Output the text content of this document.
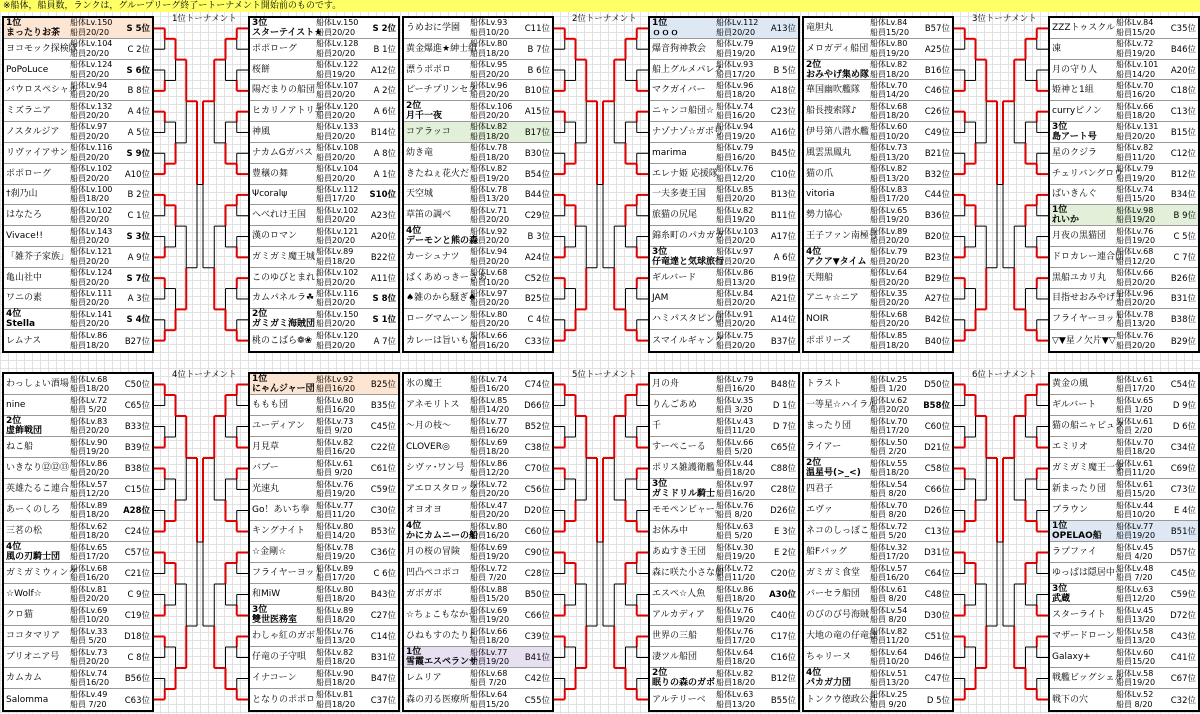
※船体，船員数，ランクは，グループリーグ終了ートーナメント開始前のものです。
1位トーナメント
1位
まったりお茶
船体Lv.150
船員20/20	S 5位
ヨコモック探検隊
船体Lv.104
船員20/20	C 2位
PoPoLuce	船体Lv.124
船員20/20	S 6位
バウロスペシャル
船体Lv.94
船員20/20	B 8位
ミズラニア	船体Lv.132
船員20/20	A 4位
ノスタルジア	船体Lv.97
船員20/20	A 5位
リヴァイアサン 船体Lv.116
船員20/20	S 9位
ポポローグ	船体Lv.102
船員20/20	A10位
†刹乃山	船体Lv.100
船員18/20	B 2位
はなたろ	船体Lv.102
船員20/20	C 1位
Vivace!!	船体Lv.143
船員20/20	S 3位
「雑芥子家族」 船体Lv.121
船員20/20	A 9位
亀山社中	船体Lv.124
船員20/20	S 7位
ワニの素	船体Lv.111
船員20/20	A 3位
4位
Stella
船体Lv.141
船員20/20	S 4位
レムナス	船体Lv.86
船員18/20	B27位
3位
スターテイスト★
船体Lv.150
船員20/20	S 2位
ポポローグ	船体Lv.128
船員20/20	B 1位
桜餅	船体Lv.122
船員19/20	A12位
陽だまりの船団 船体Lv.107
船員20/20	A 2位
ヒカリノアトリエ
船体Lv.120
船員20/20	A 6位
神風	船体Lv.133
船員20/20	B14位
ナカムGガバス 船体Lv.108
船員20/20	A 8位
豊穣の舞	船体Lv.104
船員20/20	A 1位
Ψcoralψ	船体Lv.112
船員17/20	S10位
へべれけ王国	船体Lv.102
船員20/20	A23位
漢のロマン	船体Lv.121
船員20/20	A20位
ガミガミ魔王城 船体Lv.89
船員18/20	B22位
このゆびとまれ！
船体Lv.102
船員20/20	A11位
カムパネルラ☘ 船体Lv.116
船員20/20	S 8位
2位
ガミガミ海賊団
船体Lv.150
船員20/20	S 1位
桃のこばら❁❀ 船体Lv.120
船員20/20	A 7位
2位トーナメント
うめおに学園	船体Lv.93
船員10/20	C11位
黄金爆進★紳士組
船体Lv.80
船員18/20	B 7位
漂うポポロ	船体Lv.95
船員20/20	B 6位
ピーチプリンセス
船体Lv.96
船員20/20	B10位
2位
月千一夜
船体Lv.106
船員20/20	A15位
コアラッコ	船体Lv.82
船員18/20	B17位
幼き竜	船体Lv.78
船員18/20	B30位
きたねぇ花火だ 船体Lv.82
船員19/20	B54位
天空城	船体Lv.78
船員13/20	B44位
草笛の調べ	船体Lv.71
船員20/20	C29位
4位
デーモンと熊の森
船体Lv.92
船員20/20	B 3位
カーシュナツ	船体Lv.94
船員20/20	A24位
ぱくあめっきーさあ
船体Lv.68
船員10/20	C52位
♠雑のから騒ぎ♠
船体Lv.97
船員20/20	B25位
ローグマムーン 船体Lv.80
船員20/20	C 4位
カレーは旨いもの
船体Lv.66
船員16/20	C33位
1位
ｏｏｏ
船体Lv.112
船員20/20	A13位
爆音狗神教会	船体Lv.79
船員19/20	A19位
船上グルメパレス
船体Lv.93
船員17/20	B 5位
マクガイバー	船体Lv.96
船員18/20	A18位
ニャンコ船団☆ 船体Lv.74
船員16/20	C23位
ナゾナゾ☆ガボ号
船体Lv.94
船員19/20	A16位
marima	船体Lv.79
船員16/20	B45位
エレナ姫 応援隊
船体Lv.76
船員12/20	C10位
一夫多妻王国	船体Lv.85
船員20/20	B13位
旅猫の尻尾	船体Lv.82
船員19/20	B11位
錦糸町のパカガガ
船体Lv.103
船員20/20	A17位
3位
仔竜達と気球旅行
船体Lv.97
船員20/20	A 6位
ギルバード	船体Lv.86
船員13/20	B19位
JAM	船体Lv.84
船員20/20	A21位
ハミパスタピン団
船体Lv.91
船員20/20	A14位
スマイルギャング
船体Lv.75
船員20/20	B37位
3位トーナメント
竜胆丸	船体Lv.84
船員15/20	B57位
メロガディ船団 船体Lv.80
船員19/20	A25位
2位
おみやげ集め隊
船体Lv.82
船員18/20	B16位
華国幽吹艦隊	船体Lv.70
船員14/20	C46位
船長捜索隊♪	船体Lv.68
船員18/20	C26位
伊号第八潜水艦 船体Lv.60
船員10/20	C49位
風雲黒鳳丸	船体Lv.73
船員13/20	B21位
猫の爪	船体Lv.82
船員13/20	B32位
vitoria	船体Lv.83
船員17/20	C44位
勢力協心	船体Lv.65
船員19/20	B36位
王子ファン南極号
船体Lv.89
船員20/20	B20位
4位
アクア▼タイム
船体Lv.79
船員20/20	B23位
天翔船	船体Lv.64
船員20/20	B29位
アニャ☆ニア	船体Lv.35
船員20/20	A27位
NOIR	船体Lv.68
船員20/20	B42位
ポポリーズ	船体Lv.85
船員18/20	B40位
ZZZトゥスクル 船体Lv.84
船員15/20	C35位
凍	船体Lv.72
船員19/20	B46位
月の守り人	船体Lv.101
船員14/20	A20位
姫神と1組	船体Lv.70
船員16/20	C18位
curryピノン	船体Lv.66
船員18/20	C13位
3位
島アート号
船体Lv.131
船員20/20	B15位
星のクジラ	船体Lv.82
船員11/20	C12位
チェリバングロウ
船体Lv.79
船員19/20	B12位
ぱいきんぐ	船体Lv.74
船員15/20	B34位
1位
れいか
船体Lv.98
船員19/20	B 9位
月夜の黒猫団	船体Lv.76
船員19/20	C 5位
ドロカレー連合団
船体Lv.68
船員12/20	C 7位
黒船ユカリ丸	船体Lv.66
船員20/20	B26位
目指せおみやげ王
船体Lv.96
船員20/20	B31位
フライヤーヨット
船体Lv.78
船員13/20	B38位
▽▼星ノ欠片▼▽ 船体Lv.76
船員20/20	B29位
4位トーナメント
わっしょい酒場 船体Lv.68
船員18/20	C50位
nine	船体Lv.72
船員 5/20	C65位
2位
虚飾戦団
船体Lv.83
船員20/20	B33位
ねこ船	船体Lv.90
船員19/20	B39位
いきなり⑫⑫⑬ 船体Lv.86
船員20/20	B38位
英雄たるこ連合 船体Lv.57
船員12/20	C15位
あーくのしろ	船体Lv.89
船員18/20	A28位
三茗の松	船体Lv.62
船員18/20	C24位
4位
風の刃騎士団
船体Lv.65
船員17/20	C57位
ガミガミウィング
船体Lv.68
船員16/20	C21位
☆Wolf☆	船体Lv.81
船員20/20	C 9位
クロ猫	船体Lv.69
船員10/20	C19位
ココタマリア	船体Lv.33
船員 5/20	D18位
ブリオニア号	船体Lv.73
船員20/20	C 8位
カムカム	船体Lv.74
船員16/20	B56位
Salomma	船体Lv.49
船員 7/20	C63位
1位
にゃんジャー団
船体Lv.92
船員16/20	B25位
ももも団	船体Lv.80
船員16/20	B35位
ユーディアン	船体Lv.73
船員 9/20	C45位
月見草	船体Lv.82
船員16/20	C22位
バブー	船体Lv.61
船員 9/20	C61位
光速丸	船体Lv.76
船員19/20	C59位
Go！あいち拳 船体Lv.77
船員11/20	C30位
キングナイト	船体Lv.80
船員14/20	B53位
☆金剛☆	船体Lv.78
船員19/20	C36位
フライヤーヨット
船体Lv.89
船員17/20	C 6位
和MiW	船体Lv.80
船員18/20	B43位
3位
雙世医務室
船体Lv.89
船員18/20	C27位
わしゃ紅のガボ 船体Lv.76
船員13/20	C14位
仔竜の子守唄	船体Lv.82
船員18/20	B31位
イナコーン	船体Lv.90
船員18/20	B47位
となりのポポロ 船体Lv.81
船員18/20	C37位
5位トーナメント
氷の魔王	船体Lv.74
船員16/20	C74位
アネモリトス	船体Lv.85
船員14/20	D66位
〜月の枝〜	船体Lv.77
船員16/20	B52位
CLOVER◎	船体Lv.69
船員18/20	C38位
シヴァ･ワン号 船体Lv.86
船員12/20	C70位
アエロスタロッソ
船体Lv.72
船員20/20	C56位
オヨオヨ	船体Lv.47
船員20/20	D20位
4位
かにカムニーの船
船体Lv.80
船員16/20	C60位
月の桜の冒険	船体Lv.69
船員19/20	C90位
凹凸ペコポコ	船体Lv.72
船員 7/20	C28位
ガボガボ	船体Lv.88
船員15/20	B50位
☆ちょこもなか☆
船体Lv.69
船員19/20	C66位
ひねもすのたり♪
船体Lv.66
船員18/20	C39位
1位
雪霞エスペランサ
船体Lv.77
船員19/20	B41位
レムリア	船体Lv.68
船員 7/20	C42位
森の刃る医療所 船体Lv.64
船員15/20	C55位
月の舟	船体Lv.79
船員16/20	B48位
りんごあめ	船体Lv.35
船員 3/20	D 1位
千	船体Lv.43
船員11/20	D 7位
すーぺこーる	船体Lv.66
船員 5/20	C65位
ポリス雑護衛艦 船体Lv.44
船員18/20	C88位
3位
ガミドリル騎士
船体Lv.97
船員16/20	C28位
モモペンビャー。
船体Lv.76
船員 8/20	D26位
お休み中	船体Lv.63
船員 5/20	E 3位
あぬすき王団	船体Lv.30
船員19/20	E 2位
森に咲た小さな船
船体Lv.72
船員11/20	C20位
エスペ☆人魚	船体Lv.86
船員18/20	A30位
アルカディア	船体Lv.76
船員19/20	C40位
世界の三船	船体Lv.76
船員17/20	C17位
凄ツル船団	船体Lv.64
船員18/20	C16位
2位
眠りの森のガボ
船体Lv.82
船員18/20	B12位
アルテリーベ	船体Lv.63
船員13/20	B55位
6位トーナメント
トラスト	船体Lv.25
船員 1/20	D50位
一等星☆ハイラル
船体Lv.62
船員20/20	B58位
まったり団	船体Lv.70
船員17/20	C60位
ライアー	船体Lv.50
船員 2/20	D21位
2位
温星号(>_<)
船体Lv.55
船員18/20	C58位
四君子	船体Lv.54
船員 8/20	C66位
エヴァ	船体Lv.70
船員 8/20	D26位
ネコのしっぽこ 船体Lv.72
船員 5/20	C13位
船Fバッグ	船体Lv.32
船員17/20	D31位
ガミガミ食堂	船体Lv.57
船員16/20	C64位
バーセラ船団	船体Lv.61
船員 8/20	C48位
のびのび号海賊 船体Lv.54
船員 8/20	D30位
大地の竜の仔竜達
船体Lv.82
船員11/20	C51位
ちゃリーヌ	船体Lv.64
船員10/20	D46位
4位
パカガ力団
船体Lv.51
船員13/20	C47位
トンクウ徳政公社
船体Lv.25
船員 9/20	D 5位
黄金の風	船体Lv.61
船員17/20	C54位
ギルバート	船体Lv.65
船員 1/20	D 9位
猫の船ニャビュタ
船体Lv.61
船員 2/20	D 6位
エミリオ	船体Lv.70
船員18/20	C34位
ガミガミ魔王一家
船体Lv.61
船員11/20	C69位
新まったり団	船体Lv.61
船員15/20	C73位
ブラウン	船体Lv.44
船員10/20	E 4位
1位
OPELAO船
船体Lv.77
船員19/20	B51位
ラプファイ	船体Lv.45
船員 4/20	D57位
ゆっぱは隠居中☆
船体Lv.48
船員 7/20	C45位
3位
武蔵
船体Lv.63
船員12/20	C59位
スターライト	船体Lv.45
船員13/20	D72位
マザードローン 船体Lv.58
船員13/20	C43位
Galaxy+	船体Lv.60
船員15/20	C41位
戦艦ビッグシェル
船体Lv.58
船員19/20	C67位
戦下の穴	船体Lv.52
船員 8/20	C32位
